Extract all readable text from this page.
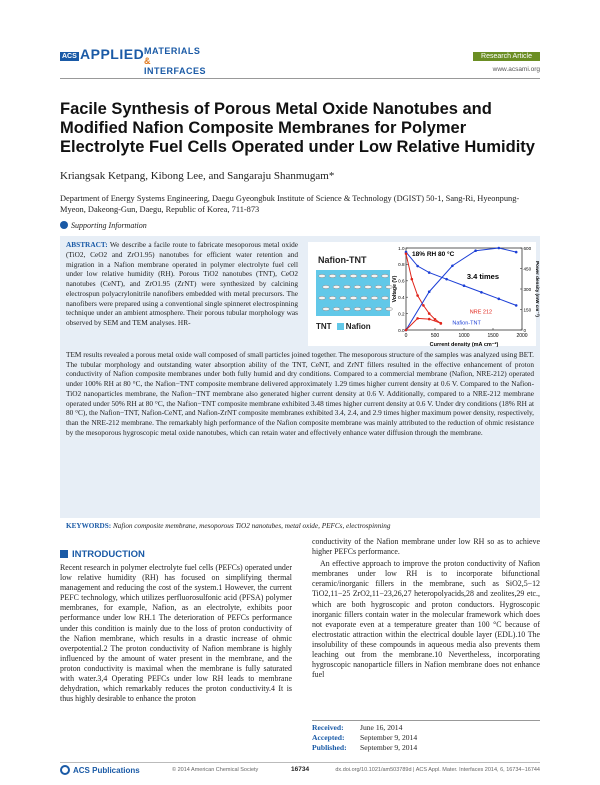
ACS APPLIED MATERIALS
&
INTERFACES
Research Article
www.acsami.org
Facile Synthesis of Porous Metal Oxide Nanotubes and Modified Nafion Composite Membranes for Polymer Electrolyte Fuel Cells Operated under Low Relative Humidity
Kriangsak Ketpang, Kibong Lee, and Sangaraju Shanmugam*
Department of Energy Systems Engineering, Daegu Gyeongbuk Institute of Science & Technology (DGIST) 50-1, Sang-Ri, Hyeonpung-Myeon, Dakeong-Gun, Daegu, Republic of Korea, 711-873
Supporting Information
ABSTRACT: We describe a facile route to fabricate mesoporous metal oxide (TiO2, CeO2 and ZrO1.95) nanotubes for efficient water retention and migration in a Nafion membrane operated in polymer electrolyte fuel cell under low relative humidity (RH). Porous TiO2 nanotubes (TNT), CeO2 nanotubes (CeNT), and ZrO1.95 (ZrNT) were synthesized by calcining electrospun polyacrylonitrile nanofibers embedded with metal precursors. The nanofibers were prepared using a conventional single spinneret electrospinning technique under an ambient atmosphere. Their porous tubular morphology was observed by SEM and TEM analyses. HR-
TEM results revealed a porous metal oxide wall composed of small particles joined together. The mesoporous structure of the samples was analyzed using BET. The tubular morphology and outstanding water absorption ability of the TNT, CeNT, and ZrNT fillers resulted in the effective enhancement of proton conductivity of Nafion composite membranes under both fully humid and dry conditions. Compared to a commercial membrane (Nafion, NRE-212) operated under 100% RH at 80 °C, the Nafion−TNT composite membrane delivered approximately 1.29 times higher current density at 0.6 V. Compared to the Nafion-TiO2 nanoparticles membrane, the Nafion−TNT membrane also generated higher current density at 0.6 V. Additionally, compared to a NRE-212 membrane operated under 50% RH at 80 °C, the Nafion−TNT composite membrane exhibited 3.48 times higher current density at 0.6 V. Under dry conditions (18% RH at 80 °C), the Nafion−TNT, Nafion-CeNT, and Nafion-ZrNT composite membranes exhibited 3.4, 2.4, and 2.9 times higher maximum power density, respectively, than the NRE-212 membrane. The remarkably high performance of the Nafion composite membrane was mainly attributed to the reduction of ohmic resistance by the mesoporous hygroscopic metal oxide nanotubes, which can retain water and effectively enhance water diffusion through the membrane.
KEYWORDS: Nafion composite membrane, mesoporous TiO2 nanotubes, metal oxide, PEFCs, electrospinning
Nafion-TNT
TNT Nafion
0	500	1000	1500	2000
0.0
0.2
0.4
0.6
0.8
1.0
0
150
300
450
600
18% RH 80 °C
3.4 times
NRE 212
Nafion-TNT
Current density (mA cm⁻²)
Voltage (V)	Power density (mW cm⁻²)
INTRODUCTION

Recent research in polymer electrolyte fuel cells (PEFCs) operated under low relative humidity (RH) has focused on simplifying thermal management and reducing the cost of the system.1 However, the current PEFC technology, which utilizes perfluorosulfonic acid (PFSA) polymer membranes, for example, Nafion, as an electrolyte, exhibits poor performance under low RH.1 The deterioration of PEFCs performance under this condition is mainly due to the loss of proton conductivity of the Nafion membrane, which results in a drastic increase of ohmic overpotential.2 The proton conductivity of Nafion membrane is highly influenced by the amount of water present in the membrane, and the proton conductivity is maximal when the membrane is fully saturated with water.3,4 Operating PEFCs under low RH leads to membrane dehydration, which remarkably reduces the proton conductivity.4 It is thus highly desirable to enhance the proton

conductivity of the Nafion membrane under low RH so as to achieve higher PEFCs performance.

An effective approach to improve the proton conductivity of Nafion membranes under low RH is to incorporate bifunctional ceramic/inorganic fillers in the membrane, such as SiO2,5−12 TiO2,11−25 ZrO2,11−23,26,27 heteropolyacids,28 and zeolites,29 etc., which are both hygroscopic and proton conductors. Hygroscopic inorganic fillers contain water in the molecular framework which does not evaporate even at a temperature greater than 100 °C because of electrostatic attraction within the electrical double layer (EDL).10 The insolubility of these compounds in aqueous media also prevents them leaching out from the membrane.10 Nevertheless, incorporating hygroscopic nanoparticle fillers in Nafion membrane does not enhance fuel

Received: June 16, 2014
Accepted: September 9, 2014
Published: September 9, 2014
ACS Publications	© 2014 American Chemical Society	16734	dx.doi.org/10.1021/am503789d | ACS Appl. Mater. Interfaces 2014, 6, 16734−16744
